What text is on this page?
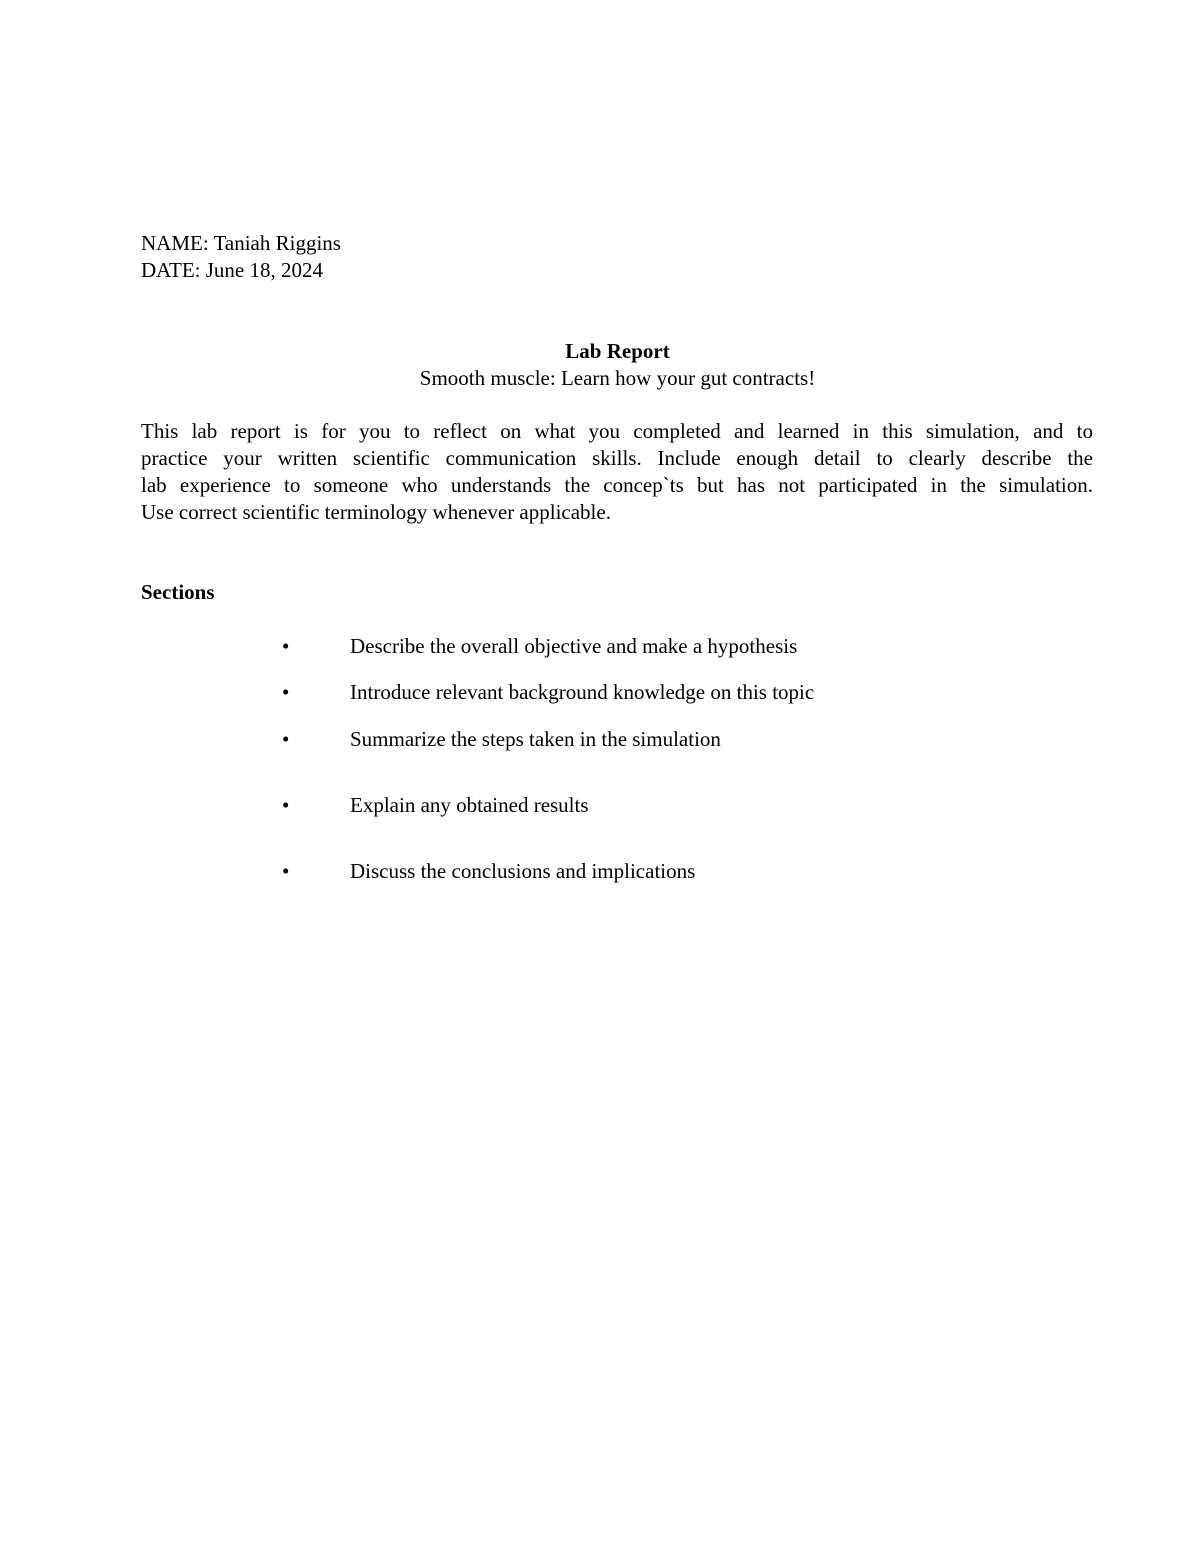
NAME: Taniah Riggins
DATE: June 18, 2024
Lab Report
Smooth muscle: Learn how your gut contracts!
This lab report is for you to reflect on what you completed and learned in this simulation, and to
practice your written scientific communication skills. Include enough detail to clearly describe the
lab experience to someone who understands the concep`ts but has not participated in the simulation.
Use correct scientific terminology whenever applicable.
Sections
•	Describe the overall objective and make a hypothesis
•	Introduce relevant background knowledge on this topic
•	Summarize the steps taken in the simulation
•	Explain any obtained results
•	Discuss the conclusions and implications
